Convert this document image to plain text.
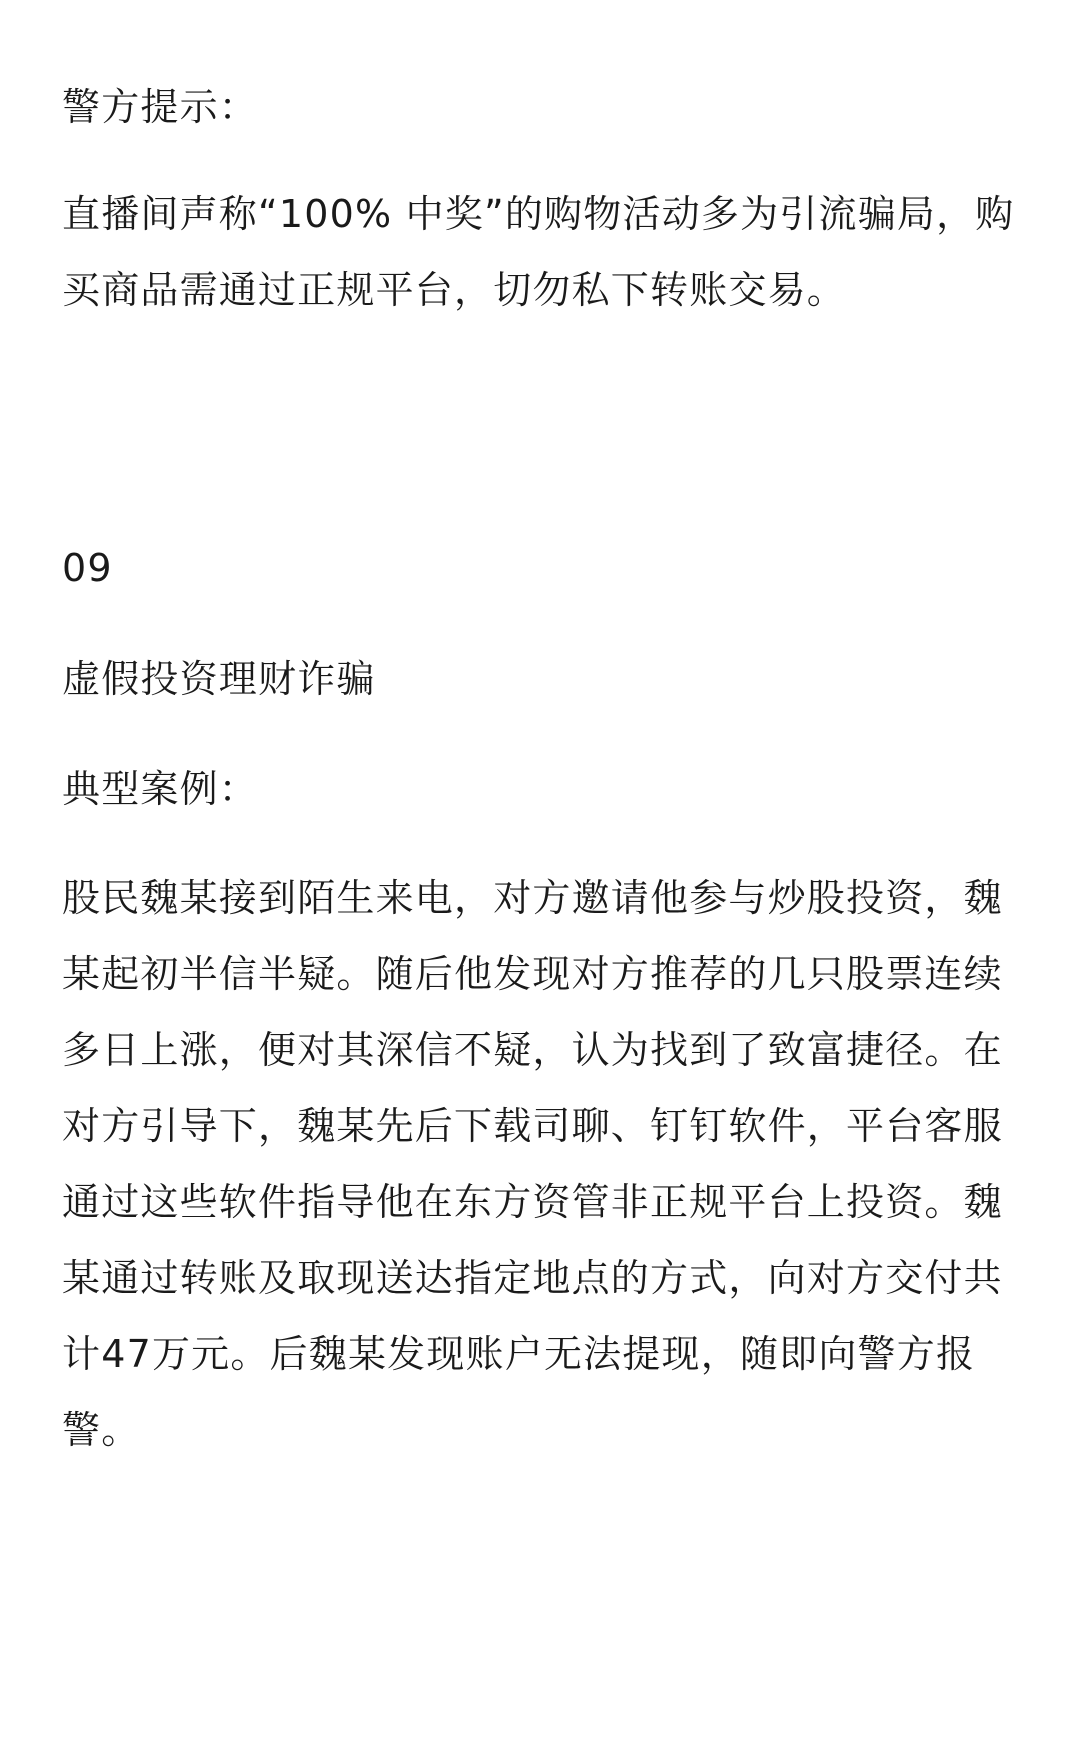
警方提示：
直播间声称“100% 中奖”的购物活动多为引流骗局，购买商品需通过正规平台，切勿私下转账交易。
09
虚假投资理财诈骗
典型案例：
股民魏某接到陌生来电，对方邀请他参与炒股投资，魏某起初半信半疑。随后他发现对方推荐的几只股票连续多日上涨，便对其深信不疑，认为找到了致富捷径。在对方引导下，魏某先后下载司聊、钉钉软件，平台客服通过这些软件指导他在东方资管非正规平台上投资。魏某通过转账及取现送达指定地点的方式，向对方交付共计47万元。后魏某发现账户无法提现，随即向警方报警。
